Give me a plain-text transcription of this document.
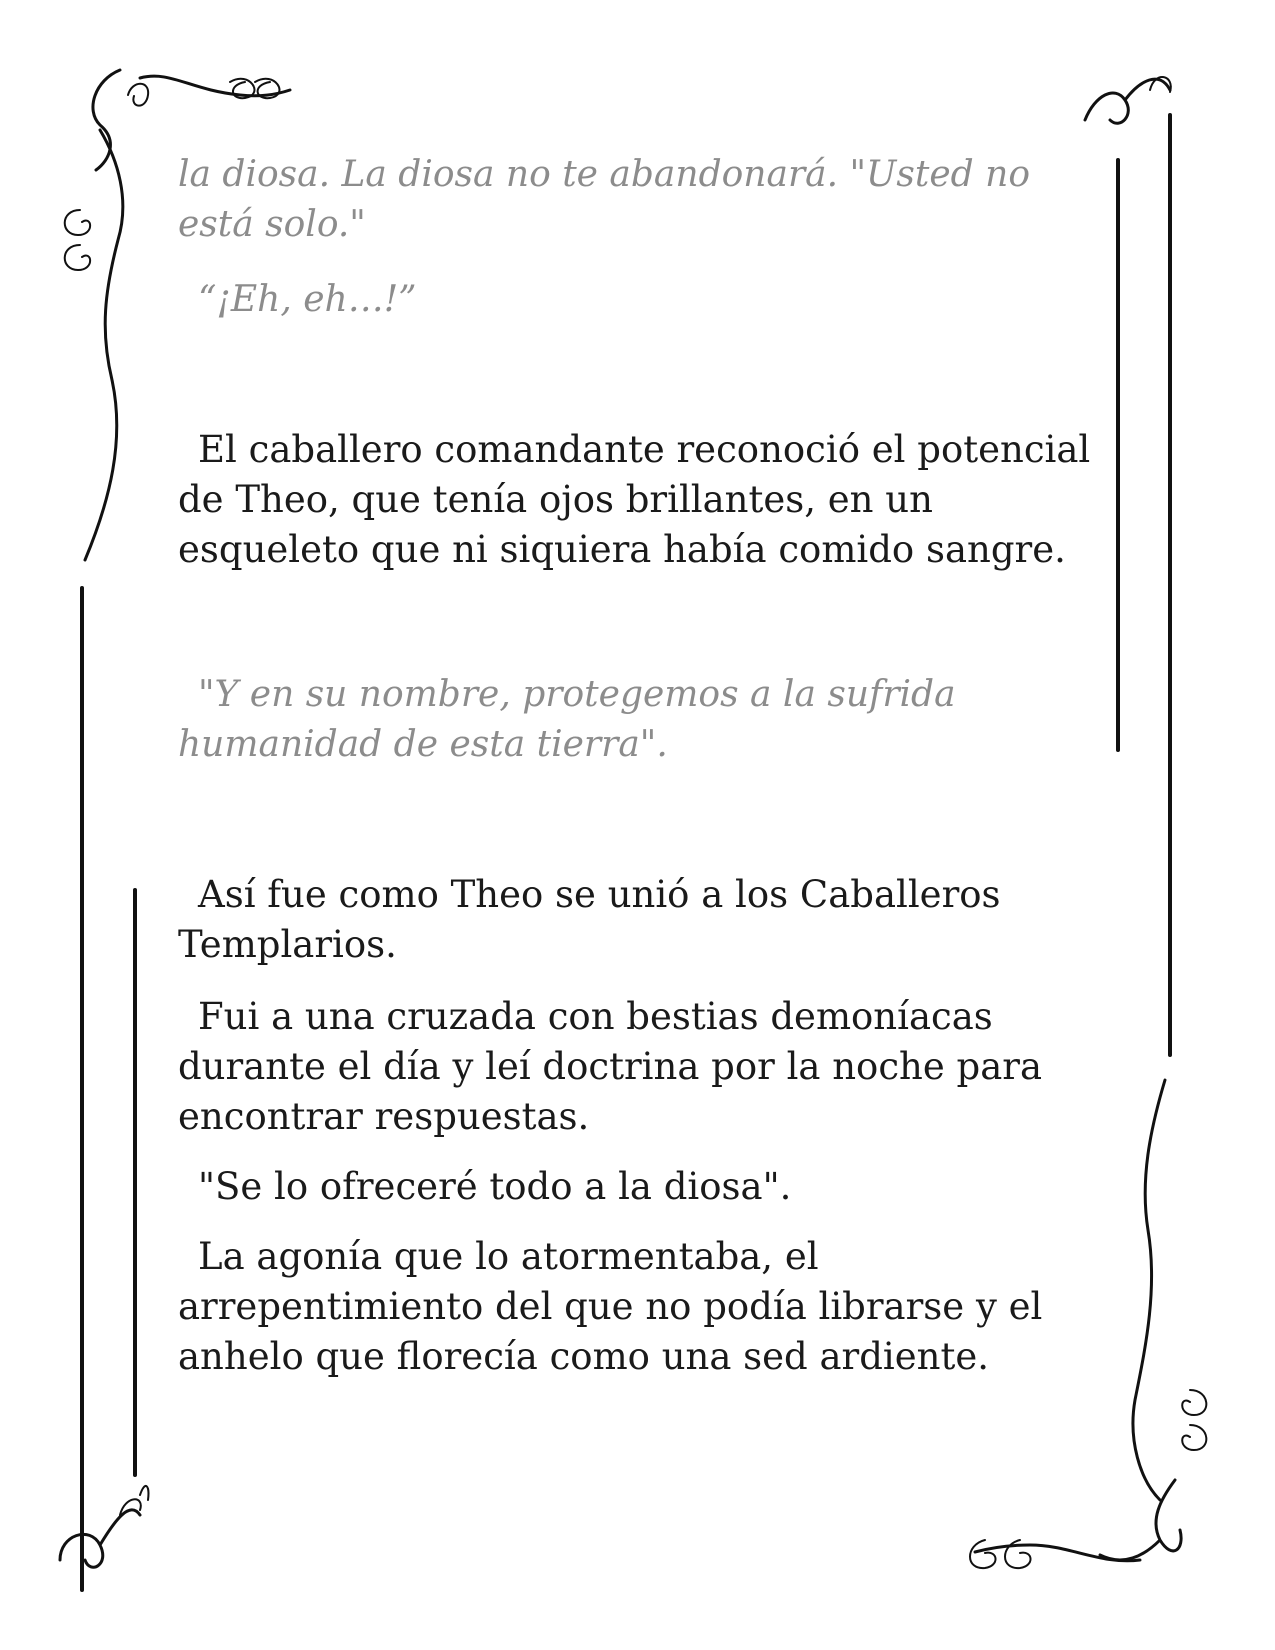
la diosa. La diosa no te abandonará. "Usted no está solo."

“¡Eh, eh…!”

El caballero comandante reconoció el potencial de Theo, que tenía ojos brillantes, en un esqueleto que ni siquiera había comido sangre.

"Y en su nombre, protegemos a la sufrida humanidad de esta tierra".

Así fue como Theo se unió a los Caballeros Templarios.

Fui a una cruzada con bestias demoníacas durante el día y leí doctrina por la noche para encontrar respuestas.

"Se lo ofreceré todo a la diosa".

La agonía que lo atormentaba, el arrepentimiento del que no podía librarse y el anhelo que florecía como una sed ardiente.
